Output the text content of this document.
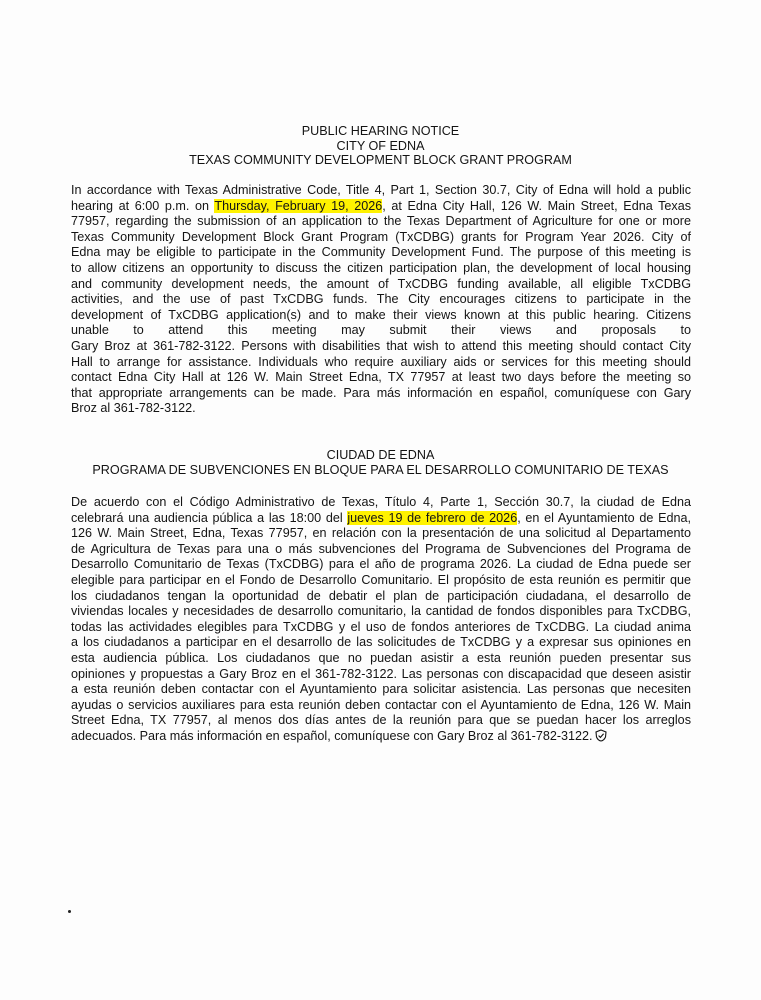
PUBLIC HEARING NOTICE
CITY OF EDNA
TEXAS COMMUNITY DEVELOPMENT BLOCK GRANT PROGRAM
In accordance with Texas Administrative Code, Title 4, Part 1, Section 30.7, City of Edna will hold a public
hearing at 6:00 p.m. on Thursday, February 19, 2026, at Edna City Hall, 126 W. Main Street, Edna Texas
77957, regarding the submission of an application to the Texas Department of Agriculture for one or more
Texas Community Development Block Grant Program (TxCDBG) grants for Program Year 2026. City of
Edna may be eligible to participate in the Community Development Fund. The purpose of this meeting is
to allow citizens an opportunity to discuss the citizen participation plan, the development of local housing
and community development needs, the amount of TxCDBG funding available, all eligible TxCDBG
activities, and the use of past TxCDBG funds. The City encourages citizens to participate in the
development of TxCDBG application(s) and to make their views known at this public hearing. Citizens
unable to attend this meeting may submit their views and proposals to
Gary Broz at 361-782-3122. Persons with disabilities that wish to attend this meeting should contact City
Hall to arrange for assistance. Individuals who require auxiliary aids or services for this meeting should
contact Edna City Hall at 126 W. Main Street Edna, TX 77957 at least two days before the meeting so
that appropriate arrangements can be made. Para más información en español, comuníquese con Gary
Broz al 361-782-3122.
CIUDAD DE EDNA
PROGRAMA DE SUBVENCIONES EN BLOQUE PARA EL DESARROLLO COMUNITARIO DE TEXAS
De acuerdo con el Código Administrativo de Texas, Título 4, Parte 1, Sección 30.7, la ciudad de Edna
celebrará una audiencia pública a las 18:00 del jueves 19 de febrero de 2026, en el Ayuntamiento de Edna,
126 W. Main Street, Edna, Texas 77957, en relación con la presentación de una solicitud al Departamento
de Agricultura de Texas para una o más subvenciones del Programa de Subvenciones del Programa de
Desarrollo Comunitario de Texas (TxCDBG) para el año de programa 2026. La ciudad de Edna puede ser
elegible para participar en el Fondo de Desarrollo Comunitario. El propósito de esta reunión es permitir que
los ciudadanos tengan la oportunidad de debatir el plan de participación ciudadana, el desarrollo de
viviendas locales y necesidades de desarrollo comunitario, la cantidad de fondos disponibles para TxCDBG,
todas las actividades elegibles para TxCDBG y el uso de fondos anteriores de TxCDBG. La ciudad anima
a los ciudadanos a participar en el desarrollo de las solicitudes de TxCDBG y a expresar sus opiniones en
esta audiencia pública. Los ciudadanos que no puedan asistir a esta reunión pueden presentar sus
opiniones y propuestas a Gary Broz en el 361-782-3122. Las personas con discapacidad que deseen asistir
a esta reunión deben contactar con el Ayuntamiento para solicitar asistencia. Las personas que necesiten
ayudas o servicios auxiliares para esta reunión deben contactar con el Ayuntamiento de Edna, 126 W. Main
Street Edna, TX 77957, al menos dos días antes de la reunión para que se puedan hacer los arreglos
adecuados. Para más información en español, comuníquese con Gary Broz al 361-782-3122.
